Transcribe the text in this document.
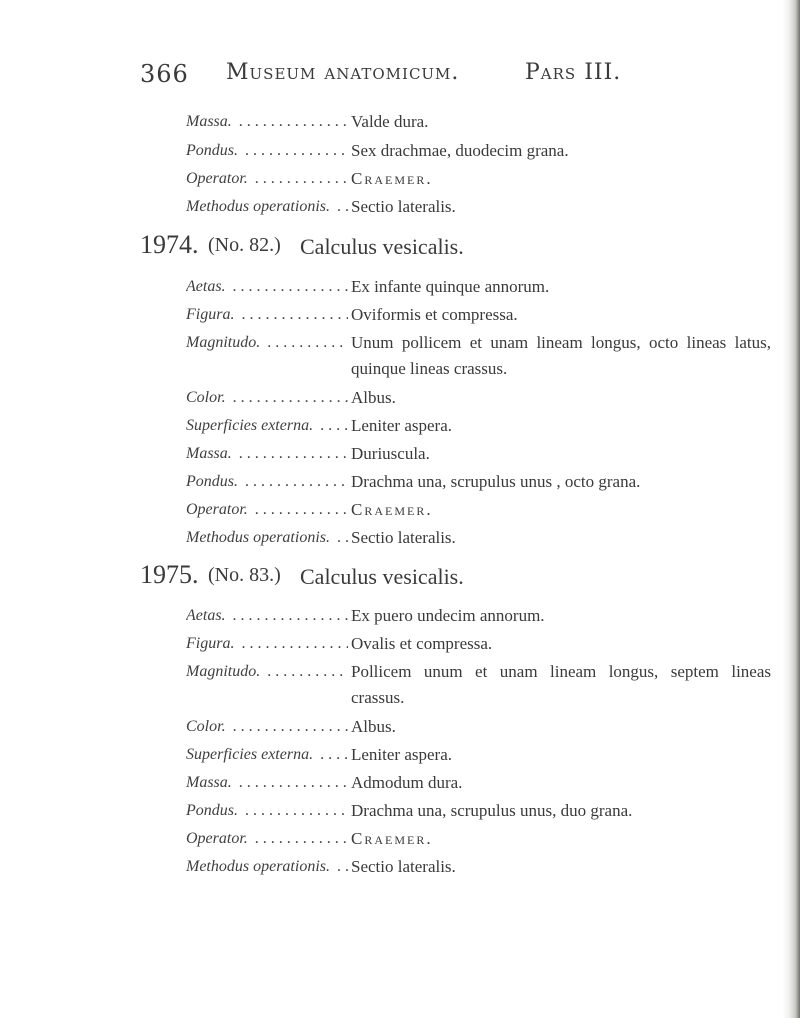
366 Museum anatomicum.	Pars III.
Massa. . . .	Valde dura.
Pondus. . . .	Sex drachmae, duodecim grana.
Operator. . . .	Craemer.
Methodus operationis. . . .	Sectio lateralis.
1974. (No. 82.) Calculus vesicalis.
Aetas. . . .	Ex infante quinque annorum.
Figura. . . .	Oviformis et compressa.
Magnitudo. . . .	Unum pollicem et unam lineam longus, octo lineas latus, quinque lineas crassus.
Color. . . .	Albus.
Superficies externa. . . .	Leniter aspera.
Massa. . . .	Duriuscula.
Pondus. . . .	Drachma una, scrupulus unus , octo grana.
Operator. . . .	Craemer.
Methodus operationis. . . .	Sectio lateralis.
1975. (No. 83.) Calculus vesicalis.
Aetas. . . .	Ex puero undecim annorum.
Figura. . . .	Ovalis et compressa.
Magnitudo. . . .	Pollicem unum et unam lineam longus, septem lineas crassus.
Color. . . .	Albus.
Superficies externa. . . .	Leniter aspera.
Massa. . . .	Admodum dura.
Pondus. . . .	Drachma una, scrupulus unus, duo grana.
Operator. . . .	Craemer.
Methodus operationis. . . .	Sectio lateralis.
